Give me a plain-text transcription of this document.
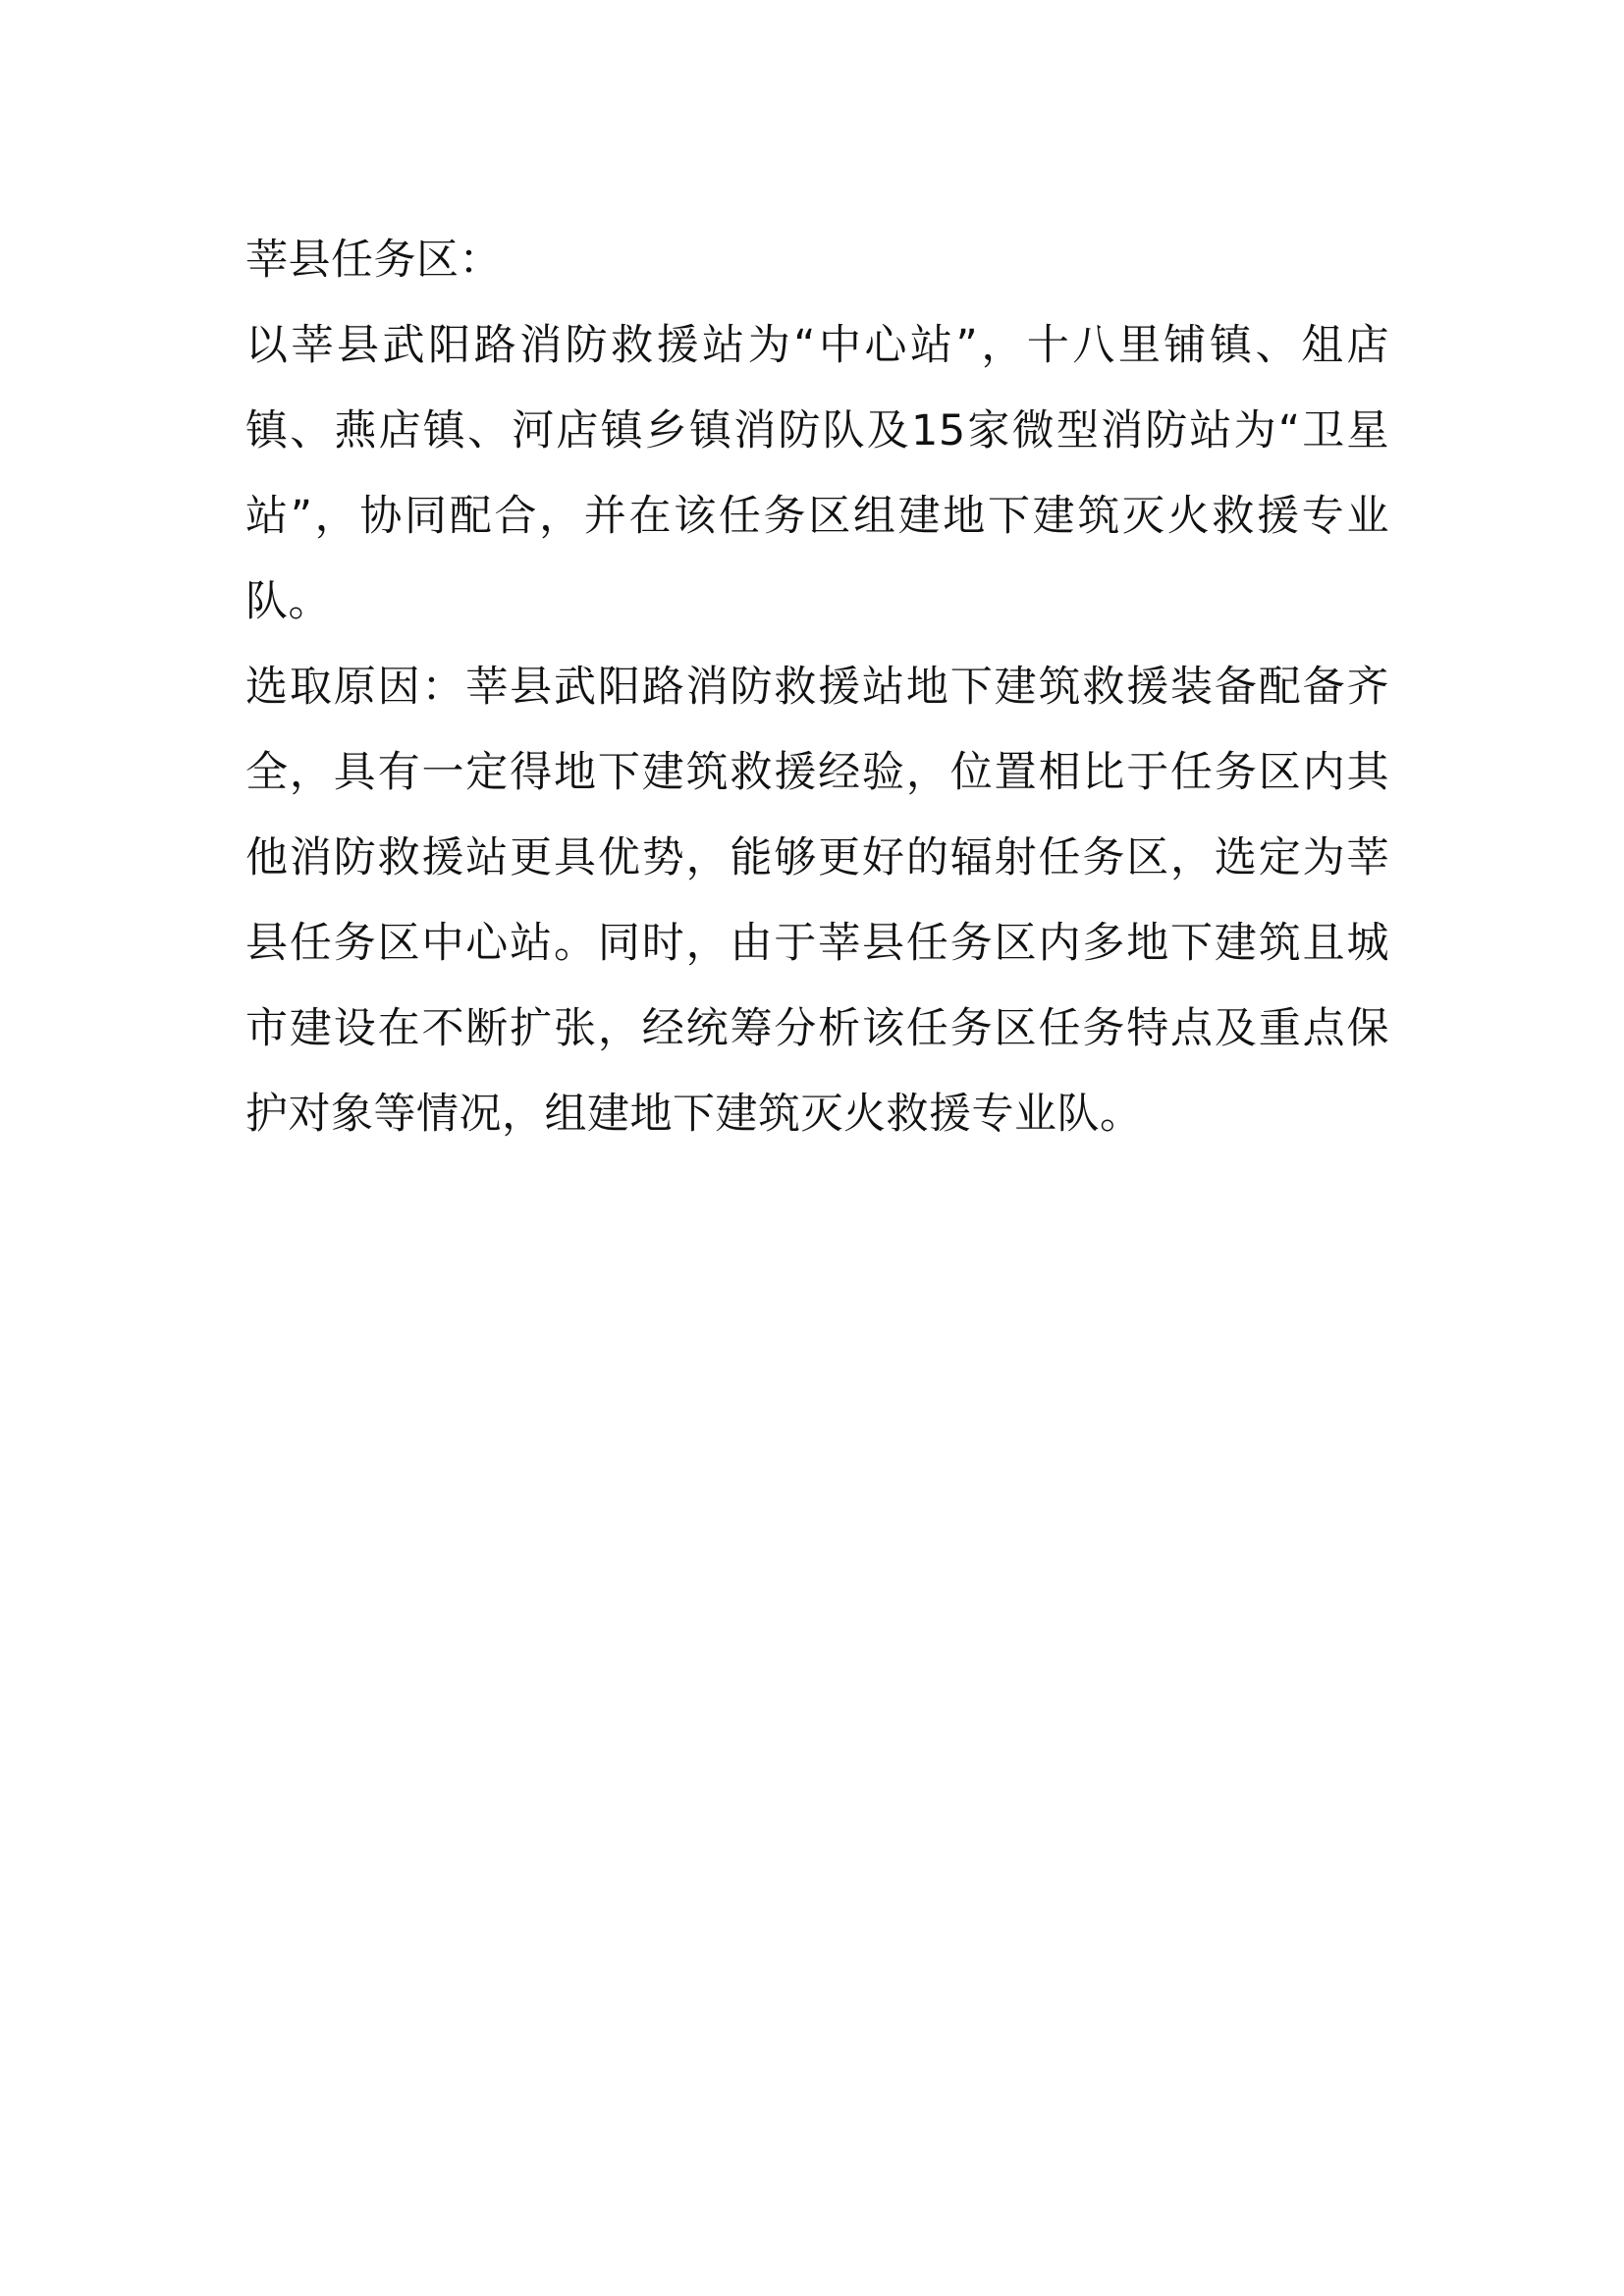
莘县任务区：

以莘县武阳路消防救援站为“中心站”，十八里铺镇、俎店镇、燕店镇、河店镇乡镇消防队及15家微型消防站为“卫星站”，协同配合，并在该任务区组建地下建筑灭火救援专业队。

选取原因：莘县武阳路消防救援站地下建筑救援装备配备齐全，具有一定得地下建筑救援经验，位置相比于任务区内其他消防救援站更具优势，能够更好的辐射任务区，选定为莘县任务区中心站。同时，由于莘县任务区内多地下建筑且城市建设在不断扩张，经统筹分析该任务区任务特点及重点保护对象等情况，组建地下建筑灭火救援专业队。
